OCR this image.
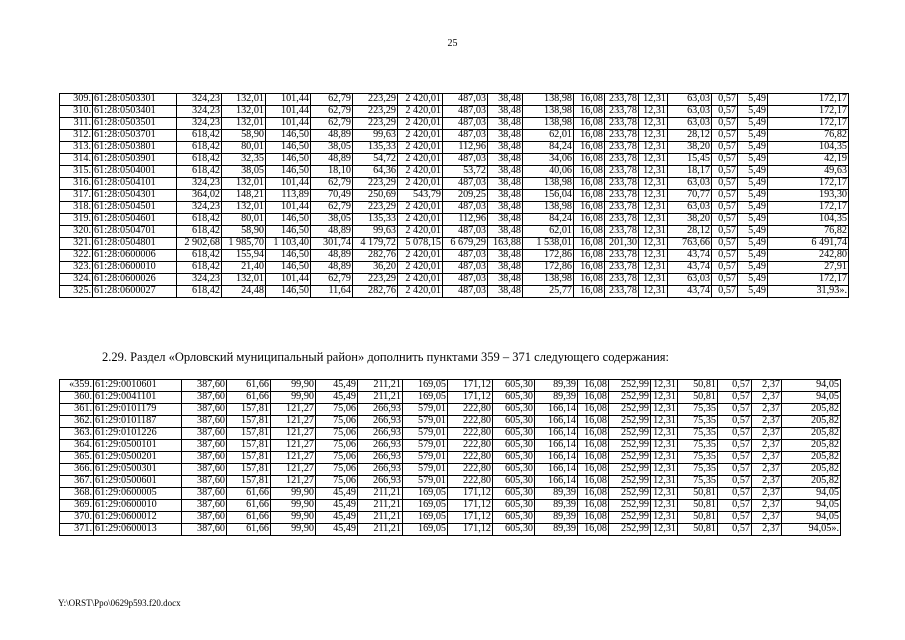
25
309.	61:28:0503301	324,23	132,01	101,44	62,79	223,29	2 420,01	487,03	38,48	138,98	16,08	233,78	12,31	63,03	0,57	5,49	172,17
310.	61:28:0503401	324,23	132,01	101,44	62,79	223,29	2 420,01	487,03	38,48	138,98	16,08	233,78	12,31	63,03	0,57	5,49	172,17
311.	61:28:0503501	324,23	132,01	101,44	62,79	223,29	2 420,01	487,03	38,48	138,98	16,08	233,78	12,31	63,03	0,57	5,49	172,17
312.	61:28:0503701	618,42	58,90	146,50	48,89	99,63	2 420,01	487,03	38,48	62,01	16,08	233,78	12,31	28,12	0,57	5,49	76,82
313.	61:28:0503801	618,42	80,01	146,50	38,05	135,33	2 420,01	112,96	38,48	84,24	16,08	233,78	12,31	38,20	0,57	5,49	104,35
314.	61:28:0503901	618,42	32,35	146,50	48,89	54,72	2 420,01	487,03	38,48	34,06	16,08	233,78	12,31	15,45	0,57	5,49	42,19
315.	61:28:0504001	618,42	38,05	146,50	18,10	64,36	2 420,01	53,72	38,48	40,06	16,08	233,78	12,31	18,17	0,57	5,49	49,63
316.	61:28:0504101	324,23	132,01	101,44	62,79	223,29	2 420,01	487,03	38,48	138,98	16,08	233,78	12,31	63,03	0,57	5,49	172,17
317.	61:28:0504301	364,02	148,21	113,89	70,49	250,69	543,79	209,25	38,48	156,04	16,08	233,78	12,31	70,77	0,57	5,49	193,30
318.	61:28:0504501	324,23	132,01	101,44	62,79	223,29	2 420,01	487,03	38,48	138,98	16,08	233,78	12,31	63,03	0,57	5,49	172,17
319.	61:28:0504601	618,42	80,01	146,50	38,05	135,33	2 420,01	112,96	38,48	84,24	16,08	233,78	12,31	38,20	0,57	5,49	104,35
320.	61:28:0504701	618,42	58,90	146,50	48,89	99,63	2 420,01	487,03	38,48	62,01	16,08	233,78	12,31	28,12	0,57	5,49	76,82
321.	61:28:0504801	2 902,68	1 985,70	1 103,40	301,74	4 179,72	5 078,15	6 679,29	163,88	1 538,01	16,08	201,30	12,31	763,66	0,57	5,49	6 491,74
322.	61:28:0600006	618,42	155,94	146,50	48,89	282,76	2 420,01	487,03	38,48	172,86	16,08	233,78	12,31	43,74	0,57	5,49	242,80
323.	61:28:0600010	618,42	21,40	146,50	48,89	36,20	2 420,01	487,03	38,48	172,86	16,08	233,78	12,31	43,74	0,57	5,49	27,91
324.	61:28:0600026	324,23	132,01	101,44	62,79	223,29	2 420,01	487,03	38,48	138,98	16,08	233,78	12,31	63,03	0,57	5,49	172,17
325.	61:28:0600027	618,42	24,48	146,50	11,64	282,76	2 420,01	487,03	38,48	25,77	16,08	233,78	12,31	43,74	0,57	5,49	31,93».
2.29. Раздел «Орловский муниципальный район» дополнить пунктами 359 – 371 следующего содержания:
«359.	61:29:0010601	387,60	61,66	99,90	45,49	211,21	169,05	171,12	605,30	89,39	16,08	252,99	12,31	50,81	0,57	2,37	94,05
360.	61:29:0041101	387,60	61,66	99,90	45,49	211,21	169,05	171,12	605,30	89,39	16,08	252,99	12,31	50,81	0,57	2,37	94,05
361.	61:29:0101179	387,60	157,81	121,27	75,06	266,93	579,01	222,80	605,30	166,14	16,08	252,99	12,31	75,35	0,57	2,37	205,82
362.	61:29:0101187	387,60	157,81	121,27	75,06	266,93	579,01	222,80	605,30	166,14	16,08	252,99	12,31	75,35	0,57	2,37	205,82
363.	61:29:0101226	387,60	157,81	121,27	75,06	266,93	579,01	222,80	605,30	166,14	16,08	252,99	12,31	75,35	0,57	2,37	205,82
364.	61:29:0500101	387,60	157,81	121,27	75,06	266,93	579,01	222,80	605,30	166,14	16,08	252,99	12,31	75,35	0,57	2,37	205,82
365.	61:29:0500201	387,60	157,81	121,27	75,06	266,93	579,01	222,80	605,30	166,14	16,08	252,99	12,31	75,35	0,57	2,37	205,82
366.	61:29:0500301	387,60	157,81	121,27	75,06	266,93	579,01	222,80	605,30	166,14	16,08	252,99	12,31	75,35	0,57	2,37	205,82
367.	61:29:0500601	387,60	157,81	121,27	75,06	266,93	579,01	222,80	605,30	166,14	16,08	252,99	12,31	75,35	0,57	2,37	205,82
368.	61:29:0600005	387,60	61,66	99,90	45,49	211,21	169,05	171,12	605,30	89,39	16,08	252,99	12,31	50,81	0,57	2,37	94,05
369.	61:29:0600010	387,60	61,66	99,90	45,49	211,21	169,05	171,12	605,30	89,39	16,08	252,99	12,31	50,81	0,57	2,37	94,05
370.	61:29:0600012	387,60	61,66	99,90	45,49	211,21	169,05	171,12	605,30	89,39	16,08	252,99	12,31	50,81	0,57	2,37	94,05
371.	61:29:0600013	387,60	61,66	99,90	45,49	211,21	169,05	171,12	605,30	89,39	16,08	252,99	12,31	50,81	0,57	2,37	94,05».
Y:\ORST\Ppo\0629p593.f20.docx
